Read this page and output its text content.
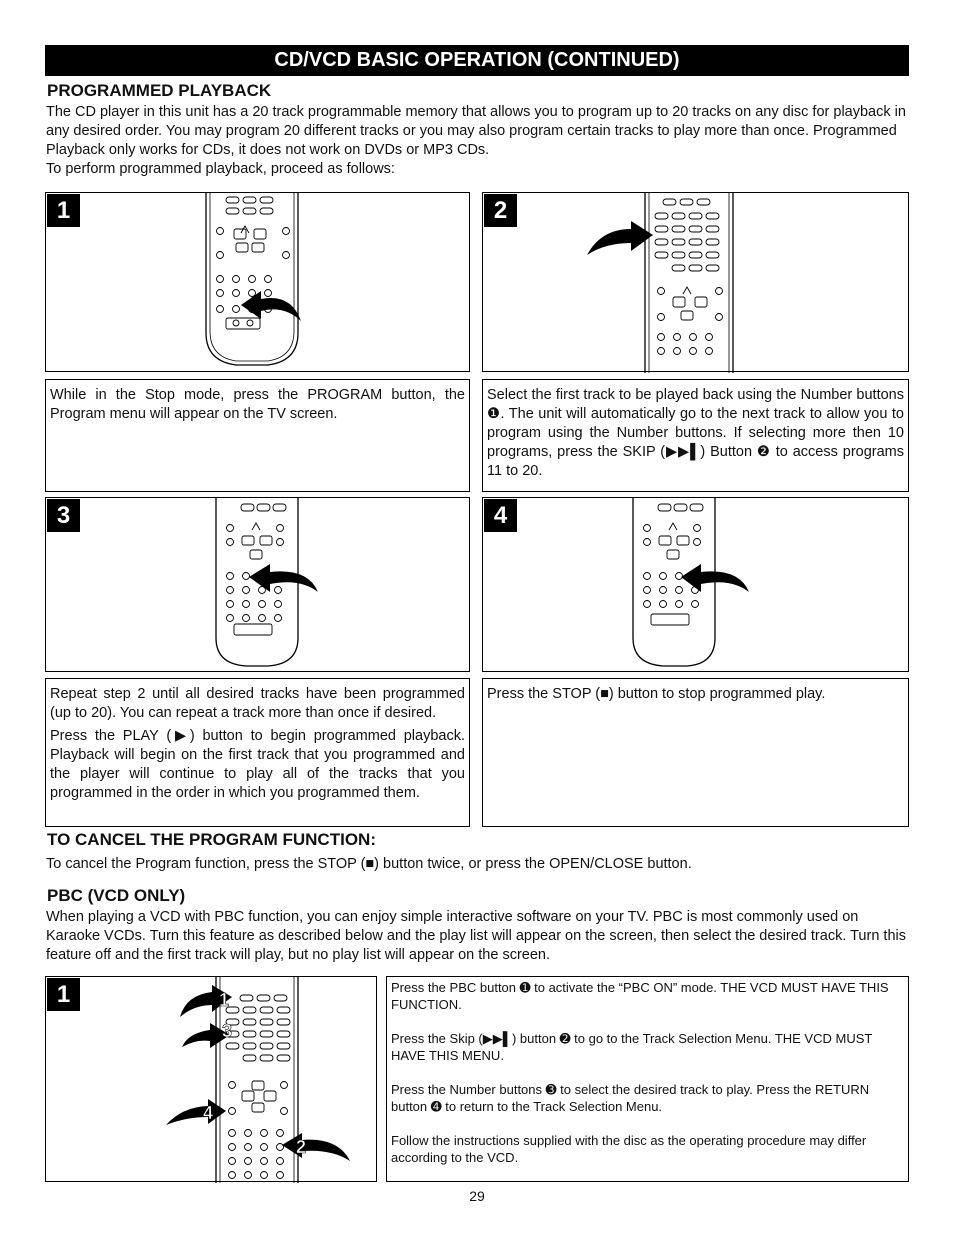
CD/VCD BASIC OPERATION (CONTINUED)
PROGRAMMED PLAYBACK
The CD player in this unit has a 20 track programmable memory that allows you to program up to 20 tracks on any disc for playback in any desired order. You may program 20 different tracks or you may also program certain tracks to play more than once. Programmed Playback only works for CDs, it does not work on DVDs or MP3 CDs.
To perform programmed playback, proceed as follows:
1	2

While in the Stop mode, press the PROGRAM button, the Program menu will appear on the TV screen.

Select the first track to be played back using the Number buttons ❶. The unit will automatically go to the next track to allow you to program using the Number buttons. If selecting more then 10 programs, press the SKIP (▶▶▌) Button ❷ to access programs 11 to 20.

3	4

Repeat step 2 until all desired tracks have been programmed (up to 20). You can repeat a track more than once if desired.

Press the PLAY (▶) button to begin programmed playback. Playback will begin on the first track that you programmed and the player will continue to play all of the tracks that you programmed in the order in which you programmed them.

Press the STOP (■) button to stop programmed play.

TO CANCEL THE PROGRAM FUNCTION:
To cancel the Program function, press the STOP (■) button twice, or press the OPEN/CLOSE button.
PBC (VCD ONLY)
When playing a VCD with PBC function, you can enjoy simple interactive software on your TV. PBC is most commonly used on Karaoke VCDs. Turn this feature as described below and the play list will appear on the screen, then select the desired track. Turn this feature off and the first track will play, but no play list will appear on the screen.
1	1
3
4
2

Press the PBC button ➊ to activate the “PBC ON” mode. THE VCD MUST HAVE THIS FUNCTION.

Press the Skip (▶▶▌) button ➋ to go to the Track Selection Menu. THE VCD MUST HAVE THIS MENU.

Press the Number buttons ➌ to select the desired track to play. Press the RETURN button ➍ to return to the Track Selection Menu.

Follow the instructions supplied with the disc as the operating procedure may differ according to the VCD.

29
